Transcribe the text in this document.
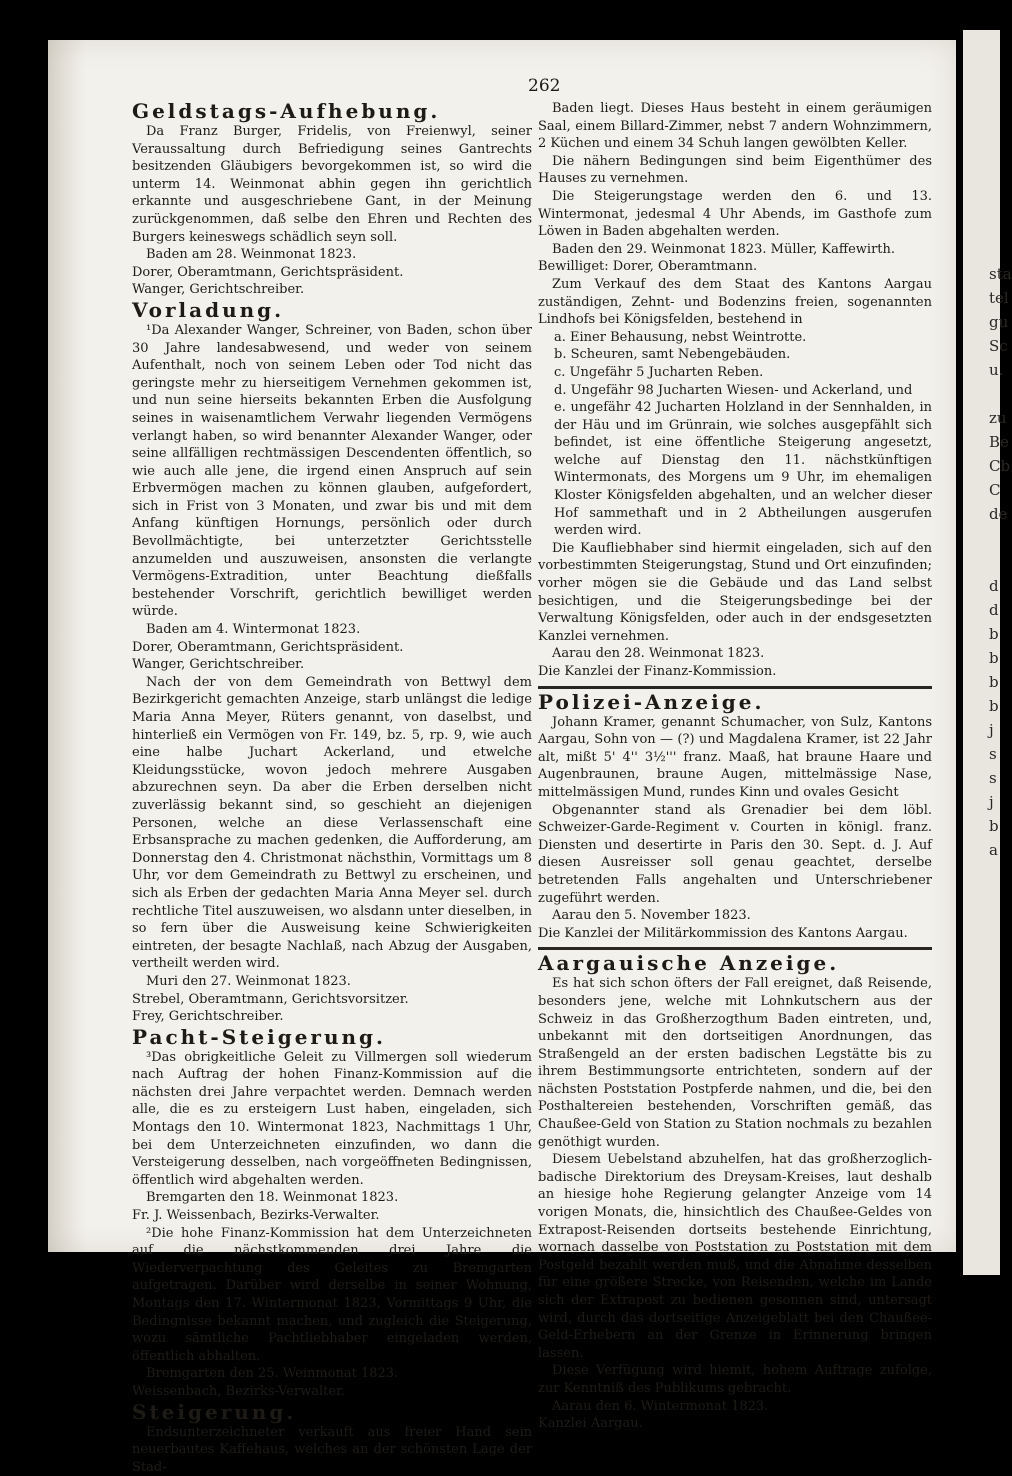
262

Geldstags-Aufhebung.

Da Franz Burger, Fridelis, von Freienwyl, seiner Veraussaltung durch Befriedigung seines Gantrechts besitzenden Gläubigers bevorgekommen ist, so wird die unterm 14. Weinmonat abhin gegen ihn gerichtlich erkannte und ausgeschriebene Gant, in der Meinung zurückgenommen, daß selbe den Ehren und Rechten des Burgers keineswegs schädlich seyn soll.

Baden am 28. Weinmonat 1823.

Dorer, Oberamtmann, Gerichtspräsident.

Wanger, Gerichtschreiber.

Vorladung.

¹Da Alexander Wanger, Schreiner, von Baden, schon über 30 Jahre landesabwesend, und weder von seinem Aufenthalt, noch von seinem Leben oder Tod nicht das geringste mehr zu hierseitigem Vernehmen gekommen ist, und nun seine hierseits bekannten Erben die Ausfolgung seines in waisenamtlichem Verwahr liegenden Vermögens verlangt haben, so wird benannter Alexander Wanger, oder seine allfälligen rechtmässigen Descendenten öffentlich, so wie auch alle jene, die irgend einen Anspruch auf sein Erbvermögen machen zu können glauben, aufgefordert, sich in Frist von 3 Monaten, und zwar bis und mit dem Anfang künftigen Hornungs, persönlich oder durch Bevollmächtigte, bei unterzetzter Gerichtsstelle anzumelden und auszuweisen, ansonsten die verlangte Vermögens-Extradition, unter Beachtung dießfalls bestehender Vorschrift, gerichtlich bewilliget werden würde.

Baden am 4. Wintermonat 1823.

Dorer, Oberamtmann, Gerichtspräsident.

Wanger, Gerichtschreiber.

Nach der von dem Gemeindrath von Bettwyl dem Bezirkgericht gemachten Anzeige, starb unlängst die ledige Maria Anna Meyer, Rüters genannt, von daselbst, und hinterließ ein Vermögen von Fr. 149, bz. 5, rp. 9, wie auch eine halbe Juchart Ackerland, und etwelche Kleidungsstücke, wovon jedoch mehrere Ausgaben abzurechnen seyn. Da aber die Erben derselben nicht zuverlässig bekannt sind, so geschieht an diejenigen Personen, welche an diese Verlassenschaft eine Erbsansprache zu machen gedenken, die Aufforderung, am Donnerstag den 4. Christmonat nächsthin, Vormittags um 8 Uhr, vor dem Gemeindrath zu Bettwyl zu erscheinen, und sich als Erben der gedachten Maria Anna Meyer sel. durch rechtliche Titel auszuweisen, wo alsdann unter dieselben, in so fern über die Ausweisung keine Schwierigkeiten eintreten, der besagte Nachlaß, nach Abzug der Ausgaben, vertheilt werden wird.

Muri den 27. Weinmonat 1823.

Strebel, Oberamtmann, Gerichtsvorsitzer.

Frey, Gerichtschreiber.

Pacht-Steigerung.

³Das obrigkeitliche Geleit zu Villmergen soll wiederum nach Auftrag der hohen Finanz-Kommission auf die nächsten drei Jahre verpachtet werden. Demnach werden alle, die es zu ersteigern Lust haben, eingeladen, sich Montags den 10. Wintermonat 1823, Nachmittags 1 Uhr, bei dem Unterzeichneten einzufinden, wo dann die Versteigerung desselben, nach vorgeöffneten Bedingnissen, öffentlich wird abgehalten werden.

Bremgarten den 18. Weinmonat 1823.

Fr. J. Weissenbach, Bezirks-Verwalter.

²Die hohe Finanz-Kommission hat dem Unterzeichneten auf die nächstkommenden drei Jahre die Wiederverpachtung des Geleites zu Bremgarten aufgetragen. Darüber wird derselbe in seiner Wohnung, Montags den 17. Wintermonat 1823, Vormittags 9 Uhr, die Bedingnisse bekannt machen, und zugleich die Steigerung, wozu sämtliche Pachtliebhaber eingeladen werden, öffentlich abhalten.

Bremgarten den 25. Weinmonat 1823.

Weissenbach, Bezirks-Verwalter.

Steigerung.

Endsunterzeichneter verkauft aus freier Hand sein neuerbautes Kaffehaus, welches an der schönsten Lage der Stad-

Baden liegt. Dieses Haus besteht in einem geräumigen Saal, einem Billard-Zimmer, nebst 7 andern Wohnzimmern, 2 Küchen und einem 34 Schuh langen gewölbten Keller.

Die nähern Bedingungen sind beim Eigenthümer des Hauses zu vernehmen.

Die Steigerungstage werden den 6. und 13. Wintermonat, jedesmal 4 Uhr Abends, im Gasthofe zum Löwen in Baden abgehalten werden.

Baden den 29. Weinmonat 1823. Müller, Kaffewirth.

Bewilliget: Dorer, Oberamtmann.

Zum Verkauf des dem Staat des Kantons Aargau zuständigen, Zehnt- und Bodenzins freien, sogenannten Lindhofs bei Königsfelden, bestehend in

a. Einer Behausung, nebst Weintrotte.

b. Scheuren, samt Nebengebäuden.

c. Ungefähr 5 Jucharten Reben.

d. Ungefähr 98 Jucharten Wiesen- und Ackerland, und

e. ungefähr 42 Jucharten Holzland in der Sennhalden, in der Häu und im Grünrain, wie solches ausgepfählt sich befindet, ist eine öffentliche Steigerung angesetzt, welche auf Dienstag den 11. nächstkünftigen Wintermonats, des Morgens um 9 Uhr, im ehemaligen Kloster Königsfelden abgehalten, und an welcher dieser Hof sammethaft und in 2 Abtheilungen ausgerufen werden wird.

Die Kaufliebhaber sind hiermit eingeladen, sich auf den vorbestimmten Steigerungstag, Stund und Ort einzufinden; vorher mögen sie die Gebäude und das Land selbst besichtigen, und die Steigerungsbedinge bei der Verwaltung Königsfelden, oder auch in der endsgesetzten Kanzlei vernehmen.

Aarau den 28. Weinmonat 1823.

Die Kanzlei der Finanz-Kommission.

Polizei-Anzeige.

Johann Kramer, genannt Schumacher, von Sulz, Kantons Aargau, Sohn von — (?) und Magdalena Kramer, ist 22 Jahr alt, mißt 5' 4'' 3½''' franz. Maaß, hat braune Haare und Augenbraunen, braune Augen, mittelmässige Nase, mittelmässigen Mund, rundes Kinn und ovales Gesicht

Obgenannter stand als Grenadier bei dem löbl. Schweizer-Garde-Regiment v. Courten in königl. franz. Diensten und desertirte in Paris den 30. Sept. d. J. Auf diesen Ausreisser soll genau geachtet, derselbe betretenden Falls angehalten und Unterschriebener zugeführt werden.

Aarau den 5. November 1823.

Die Kanzlei der Militärkommission des Kantons Aargau.

Aargauische Anzeige.

Es hat sich schon öfters der Fall ereignet, daß Reisende, besonders jene, welche mit Lohnkutschern aus der Schweiz in das Großherzogthum Baden eintreten, und, unbekannt mit den dortseitigen Anordnungen, das Straßengeld an der ersten badischen Legstätte bis zu ihrem Bestimmungsorte entrichteten, sondern auf der nächsten Poststation Postpferde nahmen, und die, bei den Posthaltereien bestehenden, Vorschriften gemäß, das Chaußee-Geld von Station zu Station nochmals zu bezahlen genöthigt wurden.

Diesem Uebelstand abzuhelfen, hat das großherzoglich-badische Direktorium des Dreysam-Kreises, laut deshalb an hiesige hohe Regierung gelangter Anzeige vom 14 vorigen Monats, die, hinsichtlich des Chaußee-Geldes von Extrapost-Reisenden dortseits bestehende Einrichtung, wornach dasselbe von Poststation zu Poststation mit dem Postgeld bezahlt werden muß, und die Abnahme desselben für eine größere Strecke, von Reisenden, welche im Lande sich der Extrapost zu bedienen gesonnen sind, untersagt wird, durch das dortseitige Anzeigeblatt bei den Chaußee-Geld-Erhebern an der Grenze in Erinnerung bringen lassen.

Diese Verfügung wird hiemit, hohem Auftrage zufolge, zur Kenntniß des Publikums gebracht.

Aarau den 6. Wintermonat 1823.

Kanzlei Aargau.

sta
tel
gu
Sc
u.
zu
Be
Cb
C
de
d
d
b
b
b
b
j
s
s
j
b
a
